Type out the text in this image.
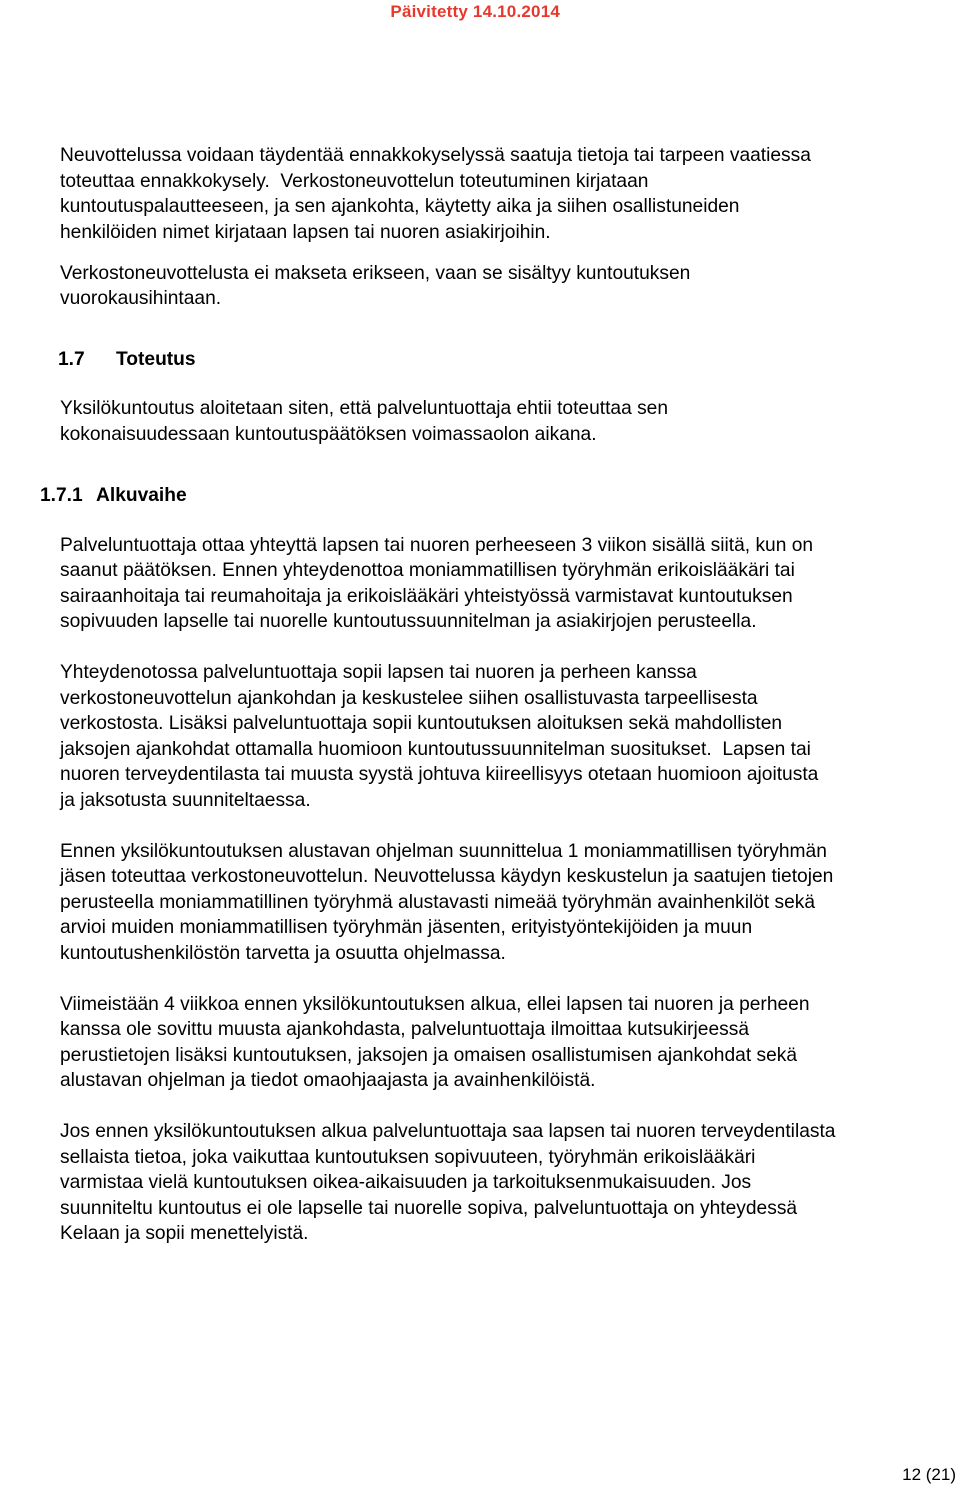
Päivitetty 14.10.2014

Neuvottelussa voidaan täydentää ennakkokyselyssä saatuja tietoja tai tarpeen vaatiessa
toteuttaa ennakkokysely.  Verkostoneuvottelun toteutuminen kirjataan
kuntoutuspalautteeseen, ja sen ajankohta, käytetty aika ja siihen osallistuneiden
henkilöiden nimet kirjataan lapsen tai nuoren asiakirjoihin.

Verkostoneuvottelusta ei makseta erikseen, vaan se sisältyy kuntoutuksen
vuorokausihintaan.

1.7	Toteutus

Yksilökuntoutus aloitetaan siten, että palveluntuottaja ehtii toteuttaa sen
kokonaisuudessaan kuntoutuspäätöksen voimassaolon aikana.

1.7.1 Alkuvaihe

Palveluntuottaja ottaa yhteyttä lapsen tai nuoren perheeseen 3 viikon sisällä siitä, kun on
saanut päätöksen. Ennen yhteydenottoa moniammatillisen työryhmän erikoislääkäri tai
sairaanhoitaja tai reumahoitaja ja erikoislääkäri yhteistyössä varmistavat kuntoutuksen
sopivuuden lapselle tai nuorelle kuntoutussuunnitelman ja asiakirjojen perusteella.

Yhteydenotossa palveluntuottaja sopii lapsen tai nuoren ja perheen kanssa
verkostoneuvottelun ajankohdan ja keskustelee siihen osallistuvasta tarpeellisesta
verkostosta. Lisäksi palveluntuottaja sopii kuntoutuksen aloituksen sekä mahdollisten
jaksojen ajankohdat ottamalla huomioon kuntoutussuunnitelman suositukset.  Lapsen tai
nuoren terveydentilasta tai muusta syystä johtuva kiireellisyys otetaan huomioon ajoitusta
ja jaksotusta suunniteltaessa.

Ennen yksilökuntoutuksen alustavan ohjelman suunnittelua 1 moniammatillisen työryhmän
jäsen toteuttaa verkostoneuvottelun. Neuvottelussa käydyn keskustelun ja saatujen tietojen
perusteella moniammatillinen työryhmä alustavasti nimeää työryhmän avainhenkilöt sekä
arvioi muiden moniammatillisen työryhmän jäsenten, erityistyöntekijöiden ja muun
kuntoutushenkilöstön tarvetta ja osuutta ohjelmassa.

Viimeistään 4 viikkoa ennen yksilökuntoutuksen alkua, ellei lapsen tai nuoren ja perheen
kanssa ole sovittu muusta ajankohdasta, palveluntuottaja ilmoittaa kutsukirjeessä
perustietojen lisäksi kuntoutuksen, jaksojen ja omaisen osallistumisen ajankohdat sekä
alustavan ohjelman ja tiedot omaohjaajasta ja avainhenkilöistä.

Jos ennen yksilökuntoutuksen alkua palveluntuottaja saa lapsen tai nuoren terveydentilasta
sellaista tietoa, joka vaikuttaa kuntoutuksen sopivuuteen, työryhmän erikoislääkäri
varmistaa vielä kuntoutuksen oikea-aikaisuuden ja tarkoituksenmukaisuuden. Jos
suunniteltu kuntoutus ei ole lapselle tai nuorelle sopiva, palveluntuottaja on yhteydessä
Kelaan ja sopii menettelyistä.

12 (21)
